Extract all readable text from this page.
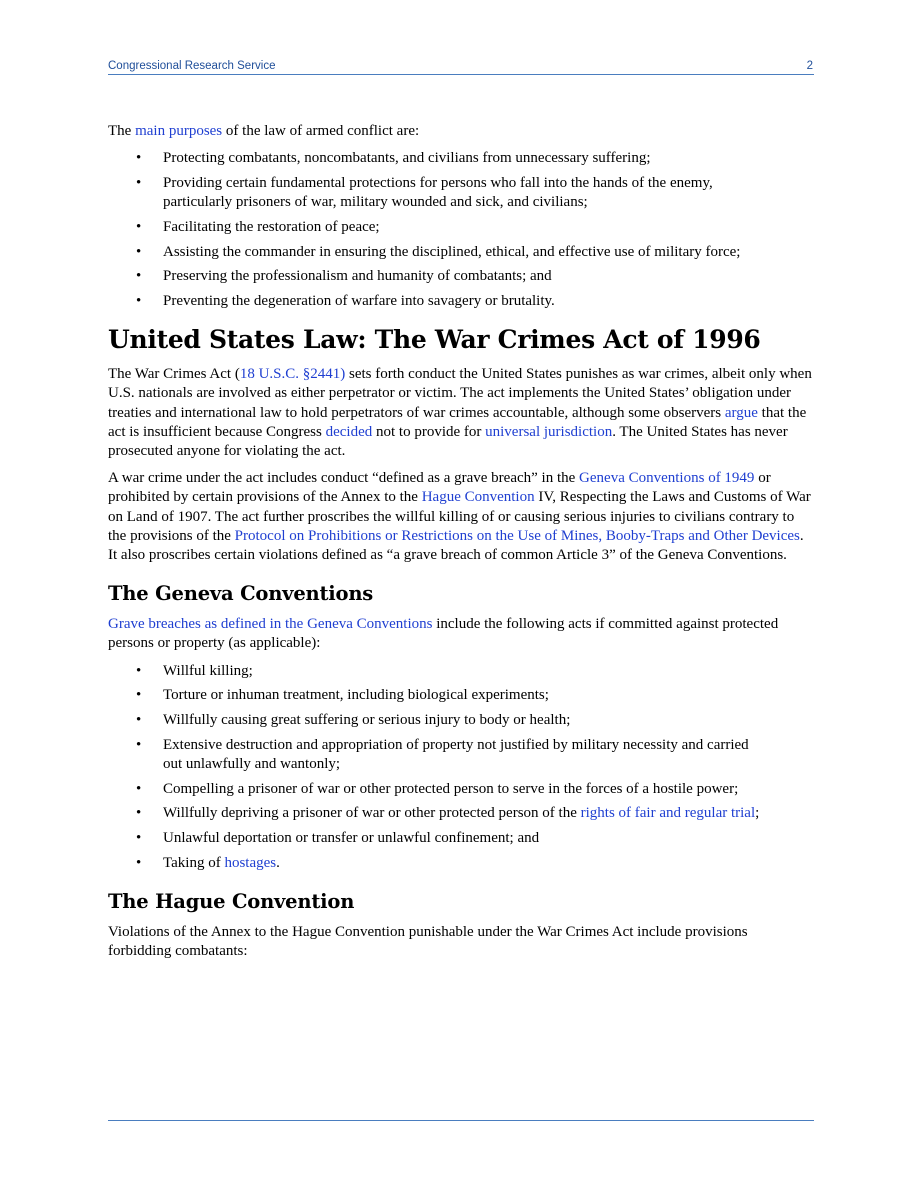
Congressional Research Service	2

The main purposes of the law of armed conflict are:

• Protecting combatants, noncombatants, and civilians from unnecessary suffering;
• Providing certain fundamental protections for persons who fall into the hands of the enemy, particularly prisoners of war, military wounded and sick, and civilians;
• Facilitating the restoration of peace;
• Assisting the commander in ensuring the disciplined, ethical, and effective use of military force;
• Preserving the professionalism and humanity of combatants; and
• Preventing the degeneration of warfare into savagery or brutality.
United States Law: The War Crimes Act of 1996

The War Crimes Act (18 U.S.C. §2441) sets forth conduct the United States punishes as war crimes, albeit only when U.S. nationals are involved as either perpetrator or victim. The act implements the United States’ obligation under treaties and international law to hold perpetrators of war crimes accountable, although some observers argue that the act is insufficient because Congress decided not to provide for universal jurisdiction. The United States has never prosecuted anyone for violating the act.

A war crime under the act includes conduct “defined as a grave breach” in the Geneva Conventions of 1949 or prohibited by certain provisions of the Annex to the Hague Convention IV, Respecting the Laws and Customs of War on Land of 1907. The act further proscribes the willful killing of or causing serious injuries to civilians contrary to the provisions of the Protocol on Prohibitions or Restrictions on the Use of Mines, Booby-Traps and Other Devices. It also proscribes certain violations defined as “a grave breach of common Article 3” of the Geneva Conventions.

The Geneva Conventions

Grave breaches as defined in the Geneva Conventions include the following acts if committed against protected persons or property (as applicable):

• Willful killing;
• Torture or inhuman treatment, including biological experiments;
• Willfully causing great suffering or serious injury to body or health;
• Extensive destruction and appropriation of property not justified by military necessity and carried out unlawfully and wantonly;
• Compelling a prisoner of war or other protected person to serve in the forces of a hostile power;
• Willfully depriving a prisoner of war or other protected person of the rights of fair and regular trial;
• Unlawful deportation or transfer or unlawful confinement; and
• Taking of hostages.
The Hague Convention

Violations of the Annex to the Hague Convention punishable under the War Crimes Act include provisions forbidding combatants:
